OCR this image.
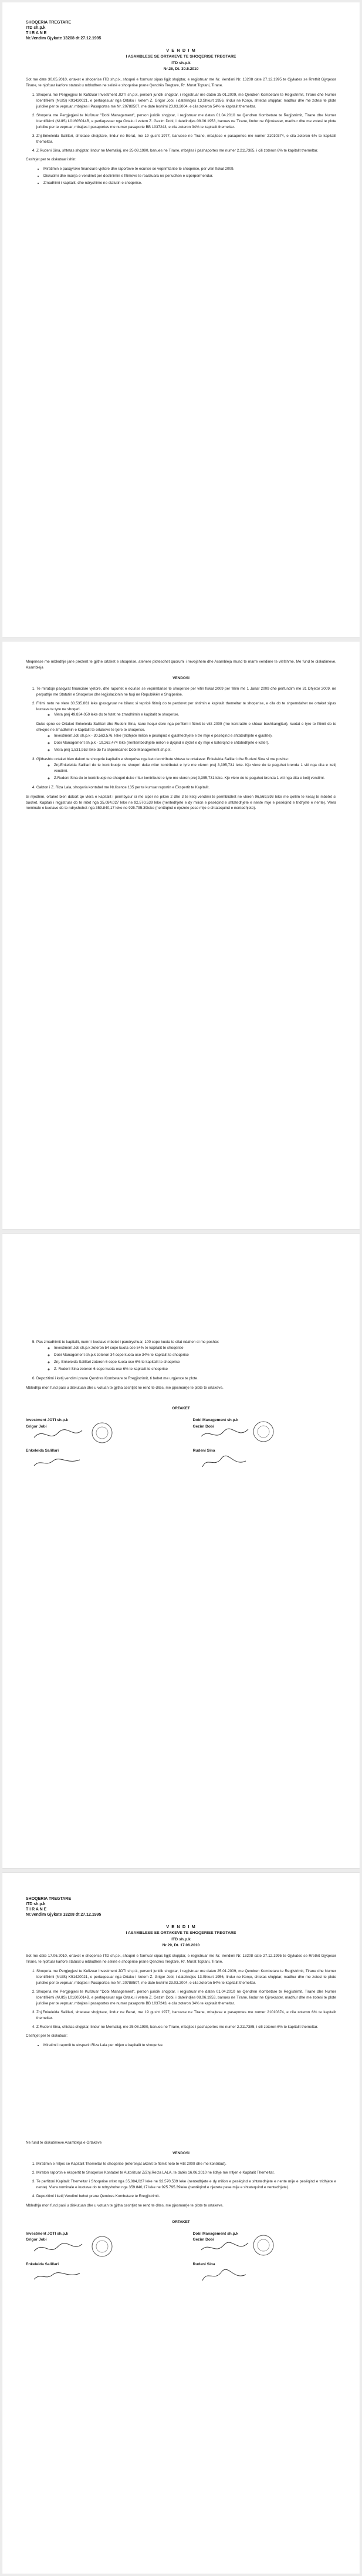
SHOQERIA TREGTARE
ITD sh.p.k
T I R A N E
Nr.Vendim Gjykate 13208 dt 27.12.1995
V E N D I M
I ASAMBLESE SE ORTAKEVE TE SHOQERISE TREGTARE
ITD sh.p.k
Nr.26, Dt. 30.5.2010

Sot me date 30.05.2010, ortaket e shoqerise ITD sh.p.k, shoqeri e formuar sipas ligjit shqiptar, e regjistruar me Nr. Vendimi Nr. 13208 date 27.12.1995 te Gjykates se Rrethit Gjyqesor Tirane, te njoftuar karfore statusit u mblodhen ne selinë e shoqerise prane Qendrës Tregtare, Rr. Murat Toptani, Tirane.

1. Shoqeria me Pergjegjesi te Kufizuar Investment JOTI sh.p.k, personi juridik shqiptar, i regjistruar me daten 25.01.2009, me Qendren Kombetare te Regjistrimit, Tirane dhe Numer Identifikimi (NUIS) K91420021, e perfaqesuar nga Ortaku i Vetem Z. Grigor Jobi, i datelindjes 13.Shkurt 1956, lindur ne Korçe, shtetas shqiptar, madhur dhe me zotesi te plote juridike per te vepruar, mbajtes i Pasaportes me Nr. 20788507, me date leshimi 23.03.2004, e cila zoteron 54% te kapitalit themeltar.
2. Shoqeria me Pergjegjesi te Kufizuar "Dobi Management", person juridik shqiptar, i regjistruar me daten 01.04.2010 ne Qendren Kombetare te Regjistrimit, Tirane dhe Numer Identifikimi (NUIS) L01605014B, e perfaqesuar nga Ortaku i vetem Z. Gezim Dobi, i datelindjes 08.06.1953, banues ne Tirane, lindur ne Gjirokaster, madhur dhe me zotesi te plote juridike per te vepruar, mbajtes i pasaportes me numer pasaporte BB 1037243, e cila zoteron 34% te kapitalit themeltar.
3. Znj.Enkeleida Salillari, shtetase shqiptare, lindur ne Berat, me 19 gusht 1977, banuese ne Tirane, mbajtese e pasaportes me numer 21010374, e cila zoteron 6% te kapitalit themeltar.
4. Z.Rudeni Sina, shtetas shqiptar, lindur ne Memaliaj, me 25.08.1990, banues ne Tirane, mbajtes i pashaportes me numer 2.2117385, i cili zoteron 6% te kapitalit themeltar.

Ceshtjet per te diskutuar ishin:

• Miratimin e pasqyrave financiare vjetore dhe raporteve te ecurise se veprimtarise te shoqerise, per vitin fiskal 2009.
• Diskutimi dhe marrja e vendimit per destinimin e fitimeve te realizuara ne periudhen e siperpermendur.
• Zmadhimi i kapitalit, dhe ndryshime ne statutin e shoqerise.

Meqenese me mbledhje jane prezent te gjithe ortaket e shoqerise, atehere plotesohet quorumi i nevojshem dhe Asambleja mund te marre vendime te vlefshme. Me fund te diskutimeve, Asambleja

VENDOSI
1. Te miratoje pasqyrat financiare vjetore, dhe raportet e ecurise se veprimtarise te shoqerise per vitin fiskal 2009 per fillim me 1 Janar 2009 dhe perfundim me 31 Dhjetor 2009, ne perputhje me Statutin e Shoqerise dhe legjislacionin ne fuqi ne Republikën e Shqiperise.
2. Fitimi neto ne vlere 30.535.861 leke (pasqyruar ne bilanc si tepricë fitimi) do te perdoret per shtimin e kapitalit themeltar te shoqerise, e cila do te shperndahet ne ortaket sipas kuotave te tyre ne shoqeri.
◦ Vlera prej 49,834,050 leke do te futet ne zmadhimin e kapitalit te shoqerise.
Duke qene se Ortaket Enkeleida Salillari dhe Rudeni Sina, kane hequr dore nga perfitimi i fitimit te vitit 2009 (me kontratën e shtuar bashkangjitur), kuotat e tyre te fitimit do te shkojne ne zmadhimin e kapitalit te ortakeve te tjere te shoqerise.
◦ Investment Joti sh.p.k - 30.563.576, leke (tridhjete milion e pesëqind e gjashtedhjete e tre mije e pesëqind e shtatedhjete e gjashte).
◦ Dobi Management sh.p.k - 19,262,474 leke (nentembedhjete milion e dyqind e dyzet e dy mije e katerqind e shtatedhjete e kater).
◦ Vlera prej 1,531,953 leke do t'u shperndahet Dobi Management sh.p.k.
3. Gjithashtu ortaket bien dakort te shoqerie kapitalin e shoqerise nga keto kontribute shtese te ortakeve: Enkeleida Salillari dhe Rudeni Sina si me poshte:
◦ Znj.Enkeleida Salillari do te kontribuoje ne shoqeri duke rritur kontributet e tyre me vleren prej 3,395,731 leke. Kjo vlere do te paguhet brenda 1 viti nga dita e ketij vendimi.
◦ Z.Rudeni Sina do te kontribuoje ne shoqeri duke rritur kontributet e tyre me vleren prej 3,395,731 leke. Kjo vlere do te paguhet brenda 1 viti nga dita e ketij vendimi.
4. Cakton i Z. Riza Lala, shoqeria kontabel me Nr.licence 135 per te kurruar raportin e Ekspertit te Kapitalit.

Si rrjedhim, ortaket bien dakort qe vlera e kapitalit i permbysur si me siper ne piken 2 dhe 3 te ketij vendimi te permblidhet ne vleren 96,569,593 leke me qellim te kesaj te mbetet si buxhet. Kapitali i regjistruar do te rritet nga 35,084,027 leke ne 92,570,539 leke (nentedhjete e dy milion e pesëqind e shtatedhjete e nente mije e pesëqind e tridhjete e nente). Vlera nominale e kuotave do te ndryshohet nga 359.840,17 leke ne 925.795.39leke (nentëqind e njezete pese mije e shtatequind e nentedhjete).

5. Pas zmadhimit te kapitalit, numri i kuotave mbetet i pandryshuar, 100 cope kuota te cilat ndahen si me poshte:
◦ Investment Joti sh.p.k zoteron 54 cope kuota ose 54% te kapitalit te shoqerise
◦ Dobi Management sh.p.k zoteron 34 cope kuota ose 34% te kapitalit te shoqerise
◦ Znj. Enkeleida Salillari zoteron 6 cope kuota ose 6% te kapitalit te shoqerise
◦ Z. Rudeni Sina zoteron 6 cope kuota ose 6% te kapitalit te shoqerise
6. Depozitimi i ketij vendimi prane Qendres Kombetare te Rregjistrimit, ti behet me urgjence te plote.

Mbledhja mori fund pasi u diskutuan dhe u votuan te gjitha ceshtjet ne rend te dites, me pjesmarrje te plote te ortakeve.

ORTAKET
Investment JOTI sh.p.k
Grigor Jobi
Dobi Management sh.p.k
Gezim Dobi
Enkeleida Salillari	Rudeni Sina
SHOQERIA TREGTARE
ITD sh.p.k
T I R A N E
Nr.Vendim Gjykate 13208 dt 27.12.1995
V E N D I M
I ASAMBLESE SE ORTAKEVE TE SHOQERISE TREGTARE
ITD sh.p.k
Nr.29, Dt. 17.06.2010

Sot me date 17.06.2010, ortaket e shoqerise ITD sh.p.k, shoqeri e formuar sipas ligjit shqiptar, e regjistruar me Nr. Vendimi Nr. 13208 date 27.12.1995 te Gjykates se Rrethit Gjyqesor Tirane, te njoftuar karfore statusit u mblodhen ne selinë e shoqerise prane Qendres Tregtare, Rr. Murat Toptani, Tirane.

1. Shoqeria me Pergjegjesi te Kufizuar Investment JOTI sh.p.k, personi juridik shqiptar, i regjistruar me daten 25.01.2009, me Qendren Kombetare te Regjistrimit, Tirane dhe Numer Identifikimi (NUIS) K91420021, e perfaqesuar nga Ortaku i Vetem Z. Grigor Jobi, i datelindjes 13.Shkurt 1956, lindur ne Korçe, shtetas shqiptar, madhur dhe me zotesi te plote juridike per te vepruar, mbajtes i Pasaportes me Nr. 20788507, me date leshimi 23.03.2004, e cila zoteron 54% te kapitalit themeltar.
2. Shoqeria me Pergjegjesi te Kufizuar "Dobi Management", person juridik shqiptar, i regjistruar me daten 01.04.2010 ne Qendren Kombetare te Regjistrimit, Tirane dhe Numer Identifikimi (NUIS) L01605014B, e perfaqesuar nga Ortaku i vetem Z. Gezim Dobi, i datelindjes 08.06.1953, banues ne Tirane, lindur ne Gjirokaster, madhur dhe me zotesi te plote juridike per te vepruar, mbajtes i pasaportes me numer pasaporte BB 1037243, e cila zoteron 34% te kapitalit themeltar.
3. Znj.Enkeleida Salillari, shtetase shqiptare, lindur ne Berat, me 19 gusht 1977, banuese ne Tirane, mbajtese e pasaportes me numer 21010374, e cila zoteron 6% te kapitalit themeltar.
4. Z.Rudeni Sina, shtetas shqiptar, lindur ne Memaliaj, me 25.08.1990, banues ne Tirane, mbajtes i pashaportes me numer 2.2117385, i cili zoteron 6% te kapitalit themeltar.

Ceshtjet per te diskutuar:

• Miratimi i raportit te ekspertit Riza Lala per rritjen e kapitalit te shoqerise.

Ne fund te diskutimeve Asambleja e Ortakeve

VENDOSI
1. Miratimin e rritjes se Kapitalit Themeltar te shoqerise (referenjat aktinit te fitimit neto te vitit 2009 dhe me kontribut).
2. Miraton raportin e ekspertit te Shoqerise Kontabel te Autorizuar Z/Znj.Reiza LALA, te datës 16.06.2010 ne lidhje me rritjen e Kapitalit Themeltar.
3. Te perfitoni Kapitalit Themeltar i Shoqerise rritet nga 35,084,027 leke ne 92,570,539 leke (nentedhjete e dy milion e pesëqind e shtatedhjete e nente mije e pesëqind e tridhjete e nente). Vlera nominale e kuotave do te ndryshohet nga 359.840,17 leke ne 925.795.39leke (nentëqind e njezete pese mije e shtatequind e nentedhjete).
4. Depozitimi i ketij Vendimi behet prane Qendres Kombetare te Rregjistrimit.

Mbledhja mori fund pasi u diskutuan dhe u votuan te gjitha ceshtjet ne rend te dites, me pjesmarrje te plote te ortakeve.

ORTAKET
Investment JOTI sh.p.k
Grigor Jobi
Dobi Management sh.p.k
Gezim Dobi
Enkeleida Salillari	Rudeni Sina
